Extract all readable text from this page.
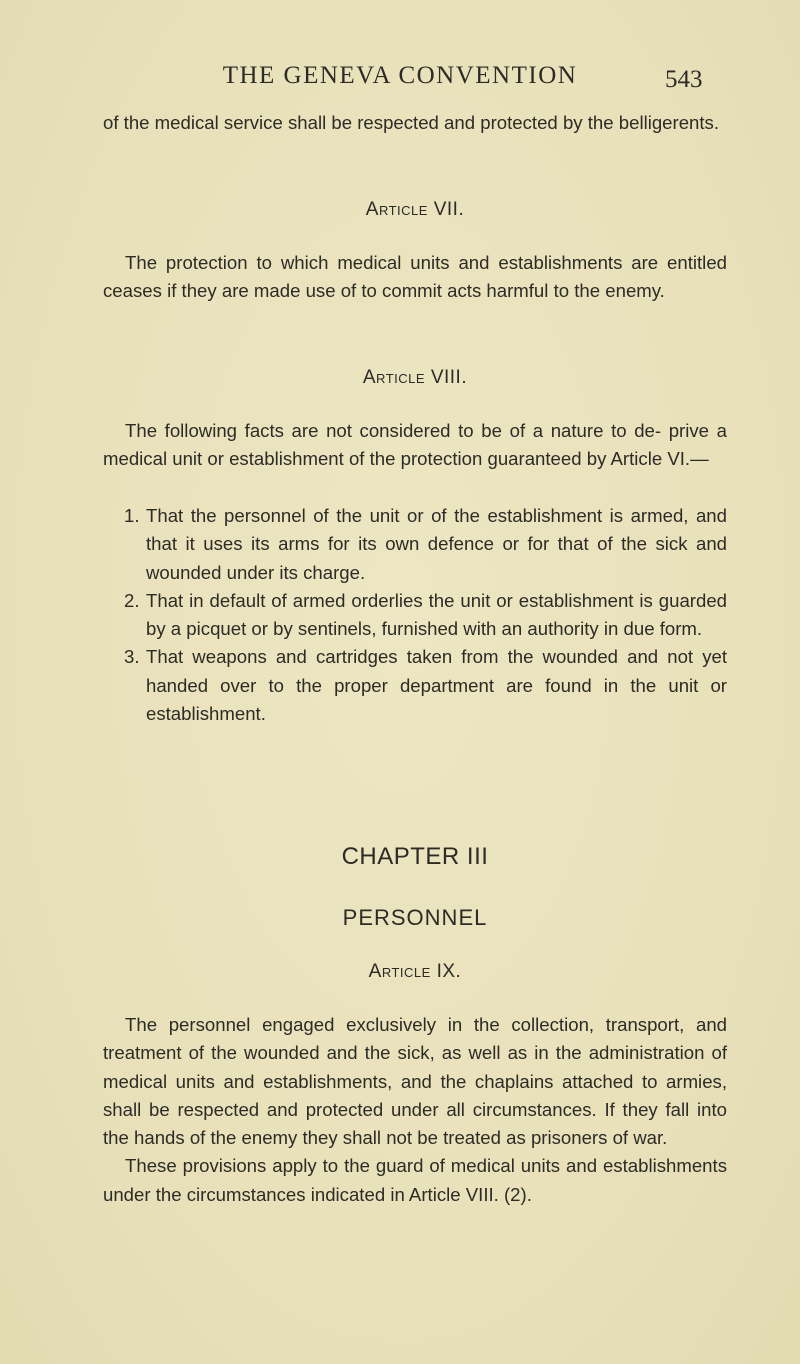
THE GENEVA CONVENTION	543

of the medical service shall be respected and protected by the belligerents.

Article VII.

The protection to which medical units and establishments are entitled ceases if they are made use of to commit acts harmful to the enemy.

Article VIII.

The following facts are not considered to be of a nature to de- prive a medical unit or establishment of the protection guaranteed by Article VI.—

1. That the personnel of the unit or of the establishment is armed, and that it uses its arms for its own defence or for that of the sick and wounded under its charge.
2. That in default of armed orderlies the unit or establishment is guarded by a picquet or by sentinels, furnished with an authority in due form.
3. That weapons and cartridges taken from the wounded and not yet handed over to the proper department are found in the unit or establishment.
CHAPTER III
PERSONNEL
Article IX.

The personnel engaged exclusively in the collection, transport, and treatment of the wounded and the sick, as well as in the administration of medical units and establishments, and the chaplains attached to armies, shall be respected and protected under all circumstances. If they fall into the hands of the enemy they shall not be treated as prisoners of war.

These provisions apply to the guard of medical units and establishments under the circumstances indicated in Article VIII. (2).
